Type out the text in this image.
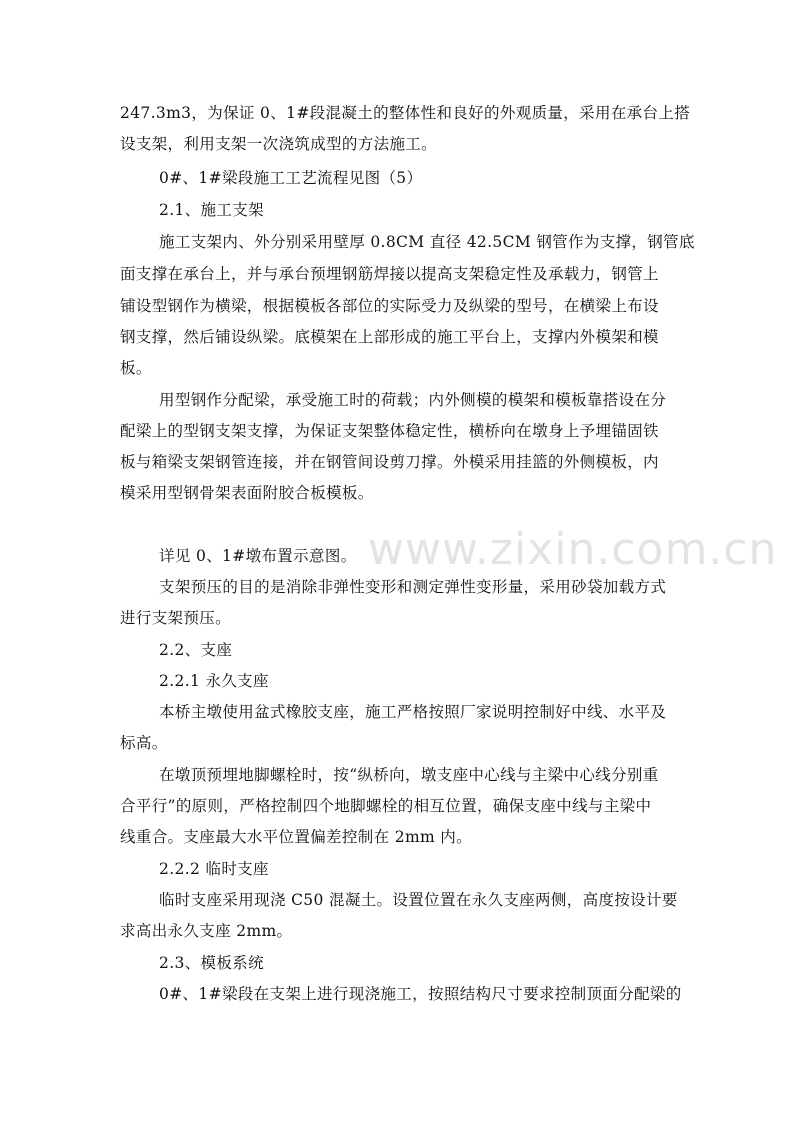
www.zixin.com.cn
247.3m3，为保证 0、1#段混凝土的整体性和良好的外观质量，采用在承台上搭
设支架，利用支架一次浇筑成型的方法施工。
0#、1#梁段施工工艺流程见图（5）
2.1、施工支架
施工支架内、外分别采用壁厚 0.8CM 直径 42.5CM 钢管作为支撑，钢管底
面支撑在承台上，并与承台预埋钢筋焊接以提高支架稳定性及承载力，钢管上
铺设型钢作为横梁，根据模板各部位的实际受力及纵梁的型号，在横梁上布设
钢支撑，然后铺设纵梁。底模架在上部形成的施工平台上，支撑内外模架和模
板。
用型钢作分配梁，承受施工时的荷载；内外侧模的模架和模板靠搭设在分
配梁上的型钢支架支撑，为保证支架整体稳定性，横桥向在墩身上予埋锚固铁
板与箱梁支架钢管连接，并在钢管间设剪刀撑。外模采用挂篮的外侧模板，内
模采用型钢骨架表面附胶合板模板。
详见 0、1#墩布置示意图。
支架预压的目的是消除非弹性变形和测定弹性变形量，采用砂袋加载方式
进行支架预压。
2.2、支座
2.2.1 永久支座
本桥主墩使用盆式橡胶支座，施工严格按照厂家说明控制好中线、水平及
标高。
在墩顶预埋地脚螺栓时，按“纵桥向，墩支座中心线与主梁中心线分别重
合平行”的原则，严格控制四个地脚螺栓的相互位置，确保支座中线与主梁中
线重合。支座最大水平位置偏差控制在 2mm 内。
2.2.2 临时支座
临时支座采用现浇 C50 混凝土。设置位置在永久支座两侧，高度按设计要
求高出永久支座 2mm。
2.3、模板系统
0#、1#梁段在支架上进行现浇施工，按照结构尺寸要求控制顶面分配梁的
